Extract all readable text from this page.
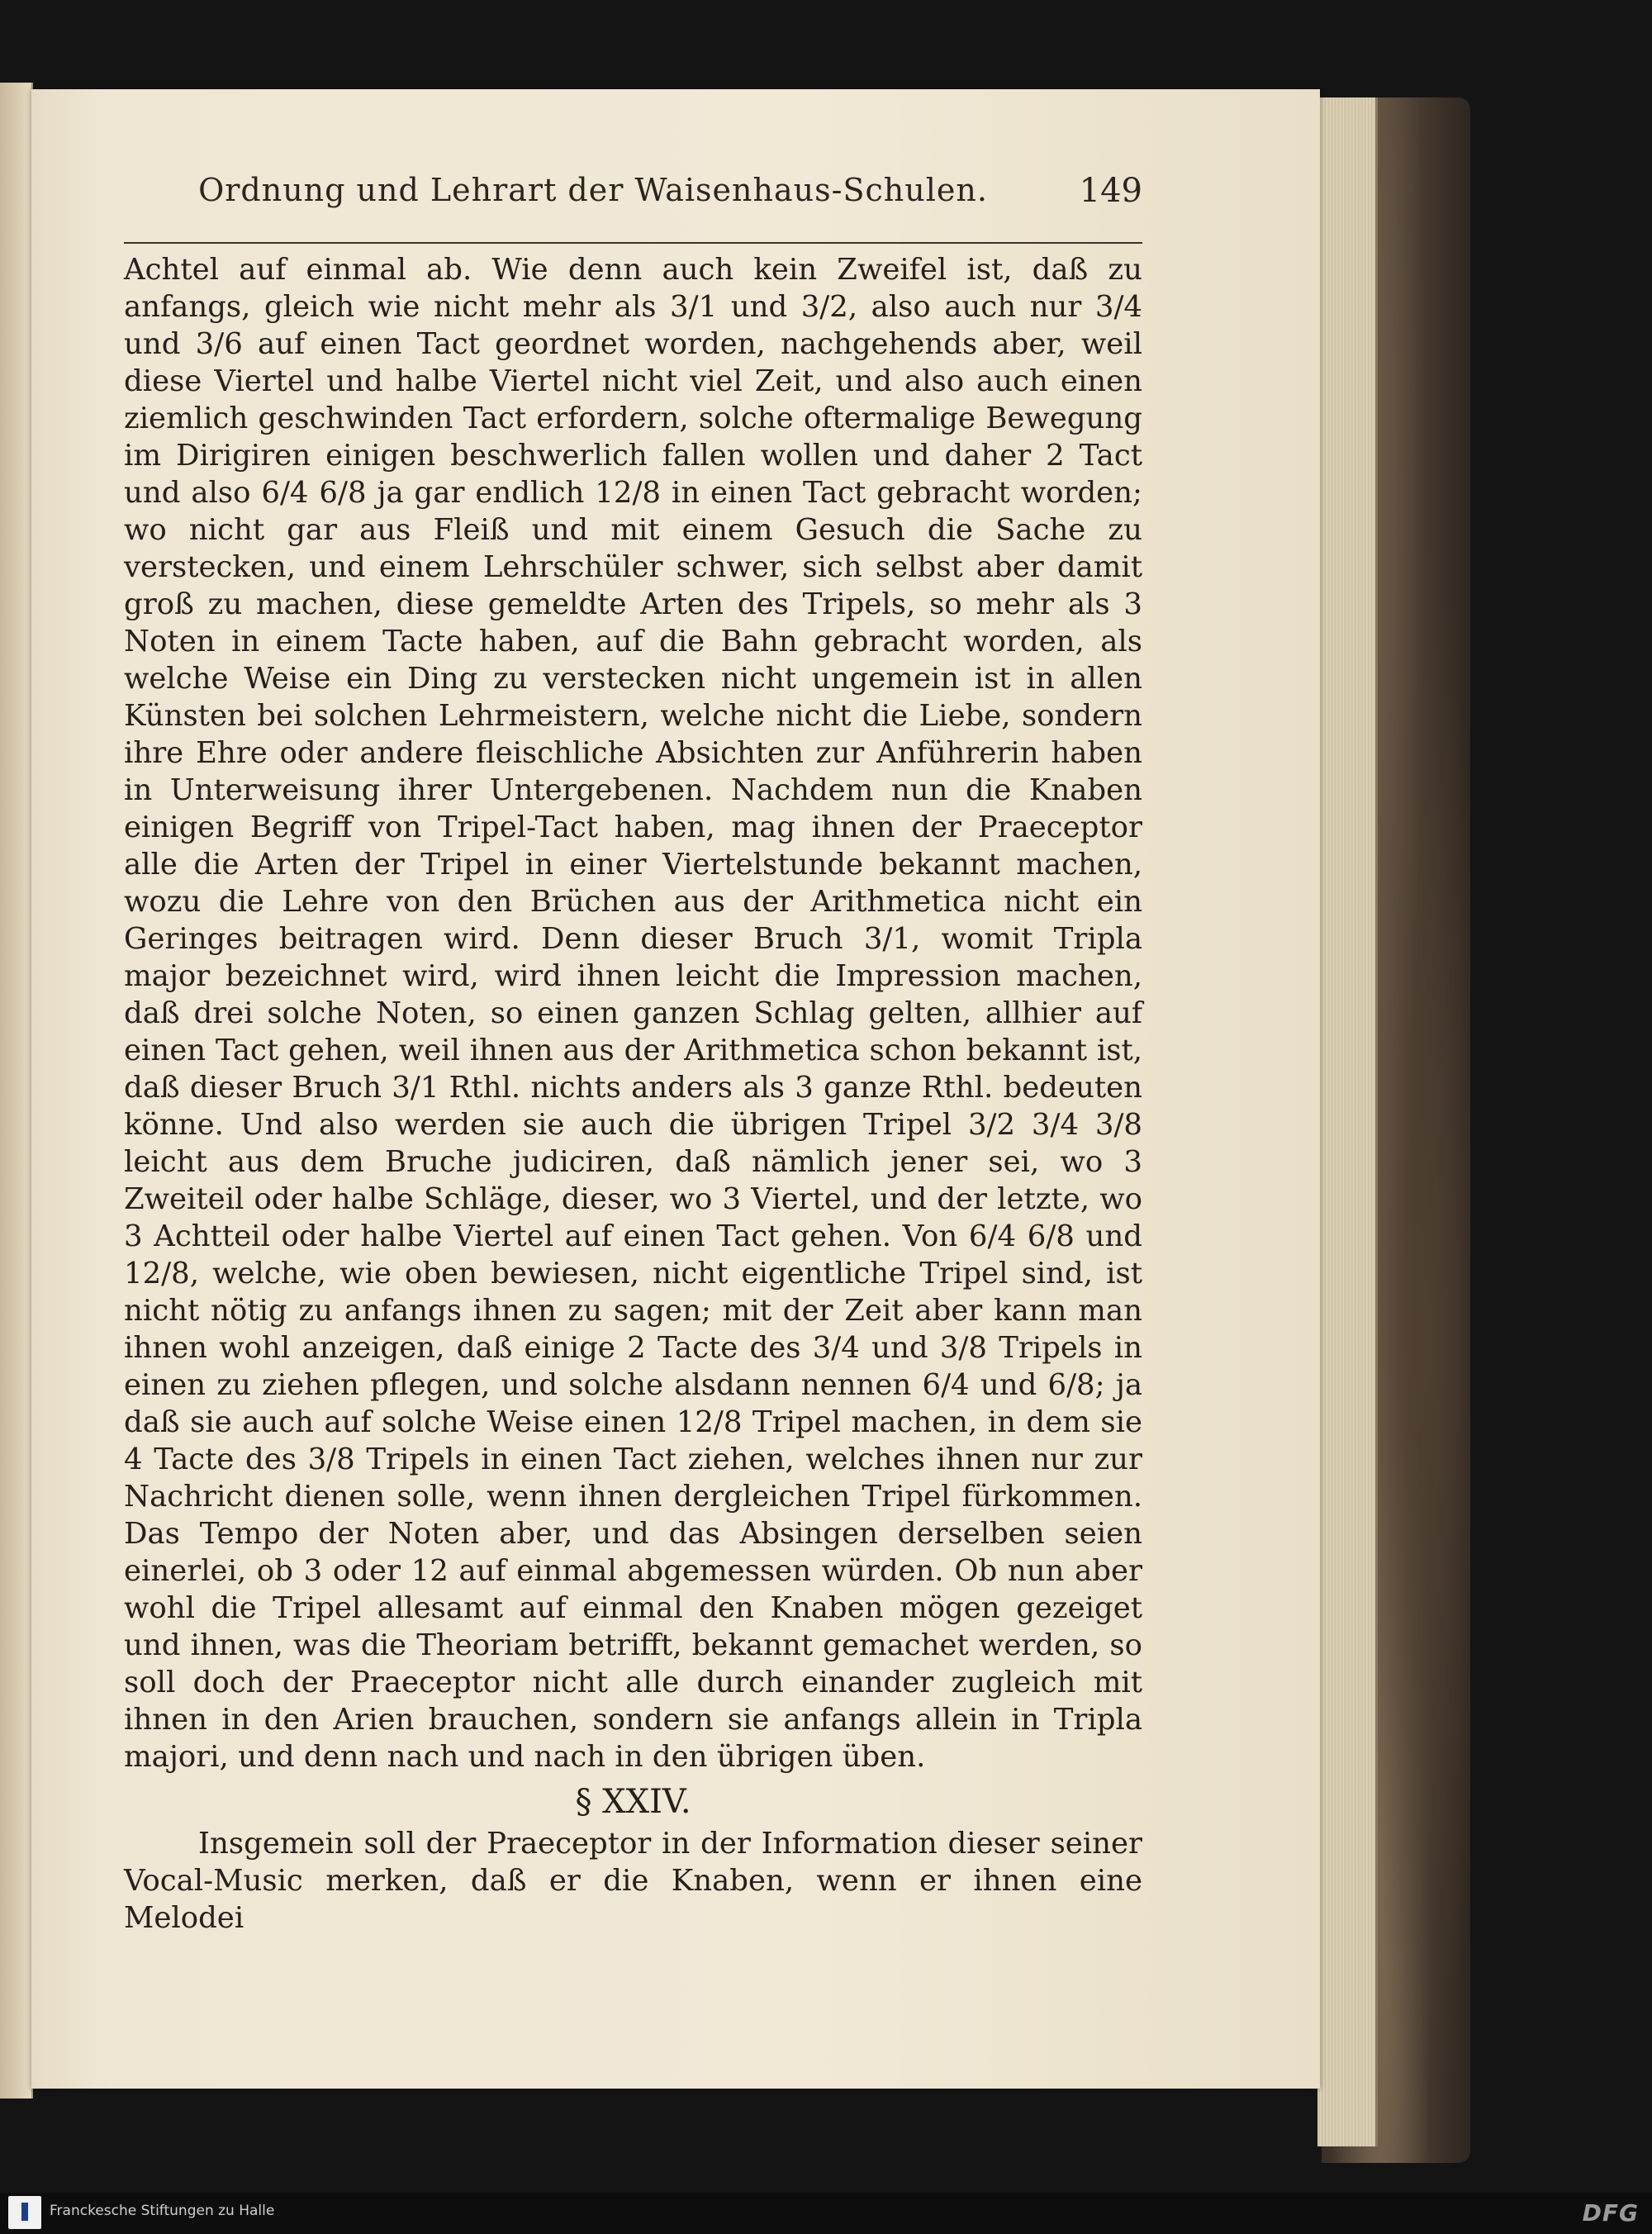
Ordnung und Lehrart der Waisenhaus-Schulen.	149

Achtel auf einmal ab. Wie denn auch kein Zweifel ist, daß zu anfangs, gleich wie nicht mehr als 3/1 und 3/2, also auch nur 3/4 und 3/6 auf einen Tact geordnet worden, nachgehends aber, weil diese Viertel und halbe Viertel nicht viel Zeit, und also auch einen ziemlich geschwinden Tact erfordern, solche oftermalige Bewegung im Dirigiren einigen beschwerlich fallen wollen und daher 2 Tact und also 6/4 6/8 ja gar endlich 12/8 in einen Tact gebracht worden; wo nicht gar aus Fleiß und mit einem Gesuch die Sache zu verstecken, und einem Lehrschüler schwer, sich selbst aber damit groß zu machen, diese gemeldte Arten des Tripels, so mehr als 3 Noten in einem Tacte haben, auf die Bahn gebracht worden, als welche Weise ein Ding zu verstecken nicht ungemein ist in allen Künsten bei solchen Lehrmeistern, welche nicht die Liebe, sondern ihre Ehre oder andere fleischliche Absichten zur Anführerin haben in Unterweisung ihrer Untergebenen. Nachdem nun die Knaben einigen Begriff von Tripel-Tact haben, mag ihnen der Praeceptor alle die Arten der Tripel in einer Viertelstunde bekannt machen, wozu die Lehre von den Brüchen aus der Arithmetica nicht ein Geringes beitragen wird. Denn dieser Bruch 3/1, womit Tripla major bezeichnet wird, wird ihnen leicht die Impression machen, daß drei solche Noten, so einen ganzen Schlag gelten, allhier auf einen Tact gehen, weil ihnen aus der Arithmetica schon bekannt ist, daß dieser Bruch 3/1 Rthl. nichts anders als 3 ganze Rthl. bedeuten könne. Und also werden sie auch die übrigen Tripel 3/2 3/4 3/8 leicht aus dem Bruche judiciren, daß nämlich jener sei, wo 3 Zweiteil oder halbe Schläge, dieser, wo 3 Viertel, und der letzte, wo 3 Achtteil oder halbe Viertel auf einen Tact gehen. Von 6/4 6/8 und 12/8, welche, wie oben bewiesen, nicht eigentliche Tripel sind, ist nicht nötig zu anfangs ihnen zu sagen; mit der Zeit aber kann man ihnen wohl anzeigen, daß einige 2 Tacte des 3/4 und 3/8 Tripels in einen zu ziehen pflegen, und solche alsdann nennen 6/4 und 6/8; ja daß sie auch auf solche Weise einen 12/8 Tripel machen, in dem sie 4 Tacte des 3/8 Tripels in einen Tact ziehen, welches ihnen nur zur Nachricht dienen solle, wenn ihnen dergleichen Tripel fürkommen. Das Tempo der Noten aber, und das Absingen derselben seien einerlei, ob 3 oder 12 auf einmal abgemessen würden. Ob nun aber wohl die Tripel allesamt auf einmal den Knaben mögen gezeiget und ihnen, was die Theoriam betrifft, bekannt gemachet werden, so soll doch der Praeceptor nicht alle durch einander zugleich mit ihnen in den Arien brauchen, sondern sie anfangs allein in Tripla majori, und denn nach und nach in den übrigen üben.

§ XXIV.

Insgemein soll der Praeceptor in der Information dieser seiner Vocal-Music merken, daß er die Knaben, wenn er ihnen eine Melodei

Franckesche Stiftungen zu Halle	DFG
